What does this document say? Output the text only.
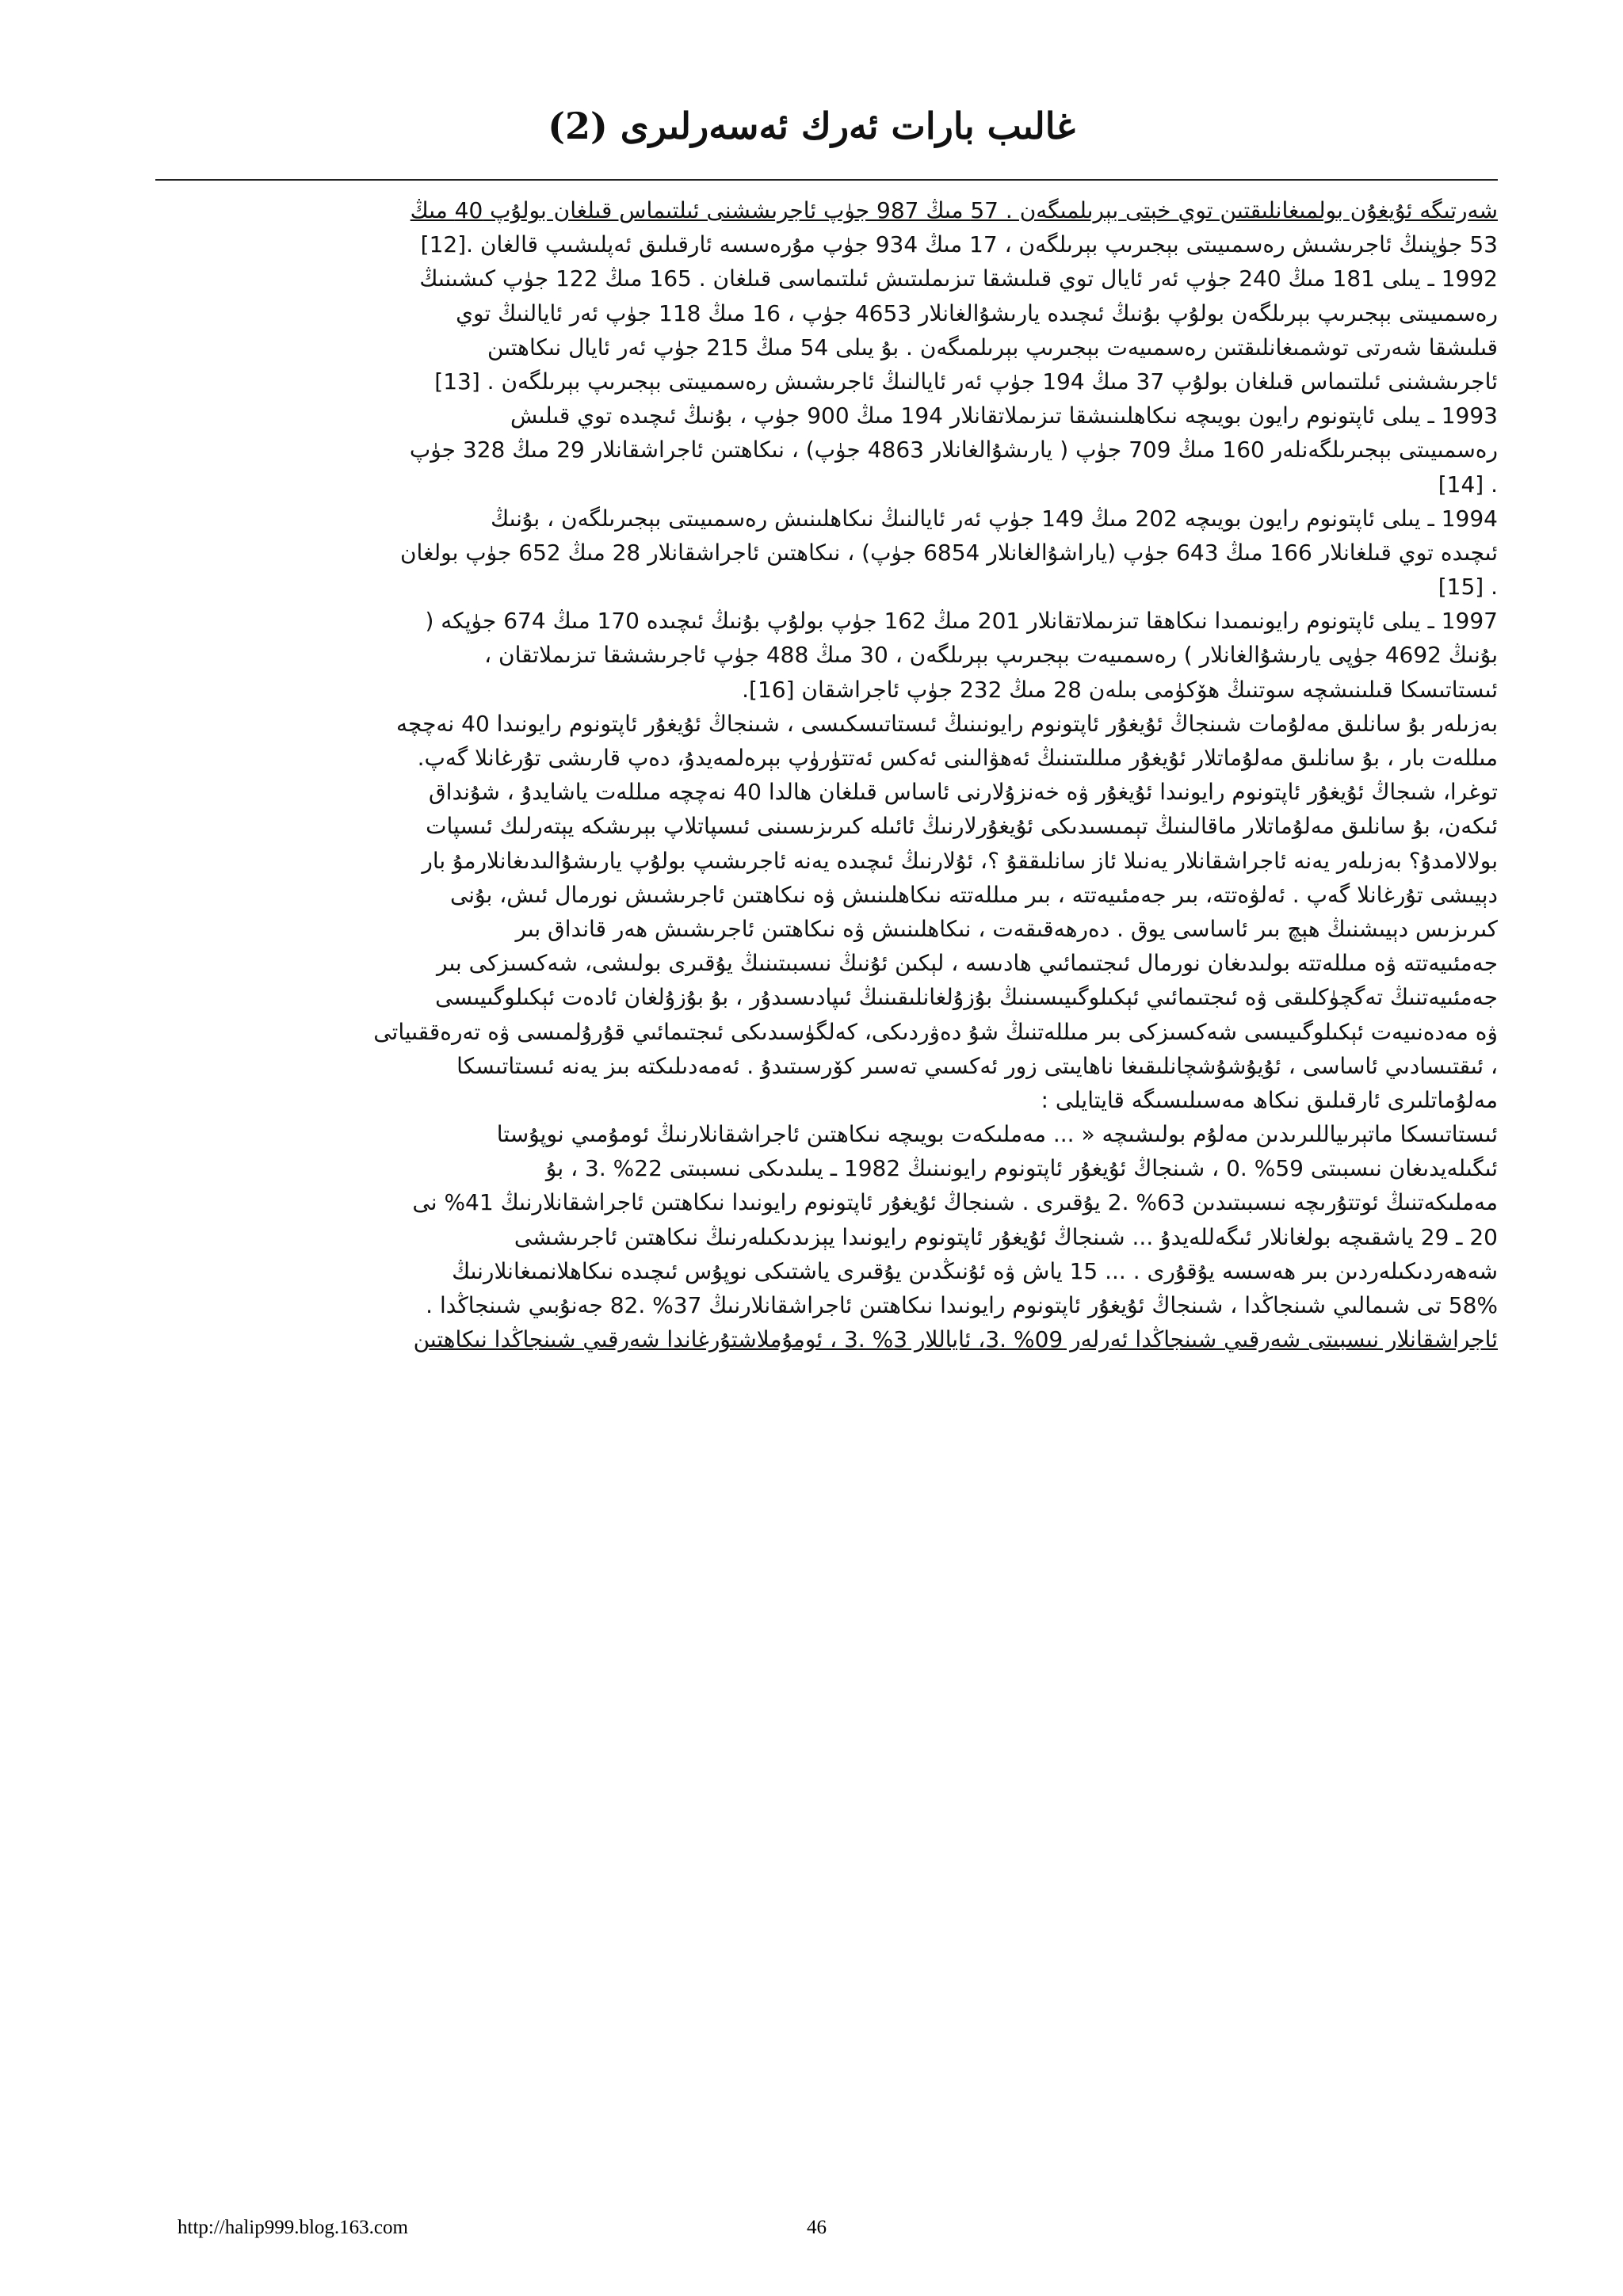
غالىب بارات ئەرك ئەسەرلىرى (2)
شەرتىگە ئۇيغۇن بولمىغانلىقتىن توي خېتى بېرىلمىگەن . 57 مىڭ 987 جۈپ ئاجرىششنى ئىلتىماس قىلغان بولۇپ 40 مىڭ
53 جۈپنىڭ ئاجرىشىش رەسمىيىتى بېجىرىپ بېرىلگەن ، 17 مىڭ 934 جۈپ مۇرەسسە ئارقىلىق ئەپلىشىپ قالغان .[12]
1992 ـ يىلى 181 مىڭ 240 جۈپ ئەر ئايال توي قىلىشقا تىزىملىتىش ئىلتىماسى قىلغان . 165 مىڭ 122 جۈپ كىشىنىڭ
رەسمىيىتى بېجىرىپ بېرىلگەن بولۇپ بۇنىڭ ئىچىدە يارىشۇالغانلار 4653 جۈپ ، 16 مىڭ 118 جۈپ ئەر ئايالنىڭ توي
قىلىشقا شەرتى توشمىغانلىقتىن رەسمىيەت بېجىرىپ بېرىلمىگەن . بۇ يىلى 54 مىڭ 215 جۈپ ئەر ئايال نىكاھتىن
ئاجرىششنى ئىلتىماس قىلغان بولۇپ 37 مىڭ 194 جۈپ ئەر ئايالنىڭ ئاجرىشىش رەسمىيىتى بېجىرىپ بېرىلگەن . [13]
1993 ـ يىلى ئاپتونوم رايون بويىچە نىكاھلىنىشقا تىزىملاتقانلار 194 مىڭ 900 جۈپ ، بۇنىڭ ئىچىدە توي قىلىش
رەسمىيىتى بېجىرىلگەنلەر 160 مىڭ 709 جۈپ ( يارىشۇالغانلار 4863 جۈپ) ، نىكاھتىن ئاجراشقانلار 29 مىڭ 328 جۈپ
. [14]
1994 ـ يىلى ئاپتونوم رايون بويىچە 202 مىڭ 149 جۈپ ئەر ئايالنىڭ نىكاھلىنىش رەسمىيىتى بېجىرىلگەن ، بۇنىڭ
ئىچىدە توي قىلغانلار 166 مىڭ 643 جۈپ (ياراشۇالغانلار 6854 جۈپ) ، نىكاھتىن ئاجراشقانلار 28 مىڭ 652 جۈپ بولغان
. [15]
1997 ـ يىلى ئاپتونوم رايونىمىدا نىكاھقا تىزىملاتقانلار 201 مىڭ 162 جۈپ بولۇپ بۇنىڭ ئىچىدە 170 مىڭ 674 جۈپكە (
بۇنىڭ 4692 جۈپى يارىشۇالغانلار ) رەسمىيەت بېجىرىپ بېرىلگەن ، 30 مىڭ 488 جۈپ ئاجرىششقا تىزىملاتقان ،
ئىستاتىسكا قىلىنىشچە سوتنىڭ ھۆكۈمى بىلەن 28 مىڭ 232 جۈپ ئاجراشقان [16].
بەزىلەر بۇ سانلىق مەلۇمات شىنجاڭ ئۇيغۇر ئاپتونوم رايونىنىڭ ئىستاتىسكىسى ، شىنجاڭ ئۇيغۇر ئاپتونوم رايونىدا 40 نەچچە
مىللەت بار ، بۇ سانلىق مەلۇماتلار ئۇيغۇر مىللىتىنىڭ ئەھۋالىنى ئەكس ئەتتۈرۈپ بېرەلمەيدۇ، دەپ قارىشى تۇرغانلا گەپ.
توغرا، شىجاڭ ئۇيغۇر ئاپتونوم رايونىدا ئۇيغۇر ۋە خەنزۇلارنى ئاساس قىلغان ھالدا 40 نەچچە مىللەت ياشايدۇ ، شۇنداق
ئىكەن، بۇ سانلىق مەلۇماتلار ماقالىنىڭ تېمىسىدىكى ئۇيغۇرلارنىڭ ئائىلە كىرىزىسىنى ئىسپاتلاپ بېرىشكە يېتەرلىك ئىسپات
بولالامدۇ؟ بەزىلەر يەنە ئاجراشقانلار يەنىلا ئاز سانلىققۇ ؟، ئۇلارنىڭ ئىچىدە يەنە ئاجرىشىپ بولۇپ يارىشۇالىدىغانلارمۇ بار
دېيىشى تۇرغانلا گەپ . ئەلۋەتتە، بىر جەمئىيەتتە ، بىر مىللەتتە نىكاھلىنىش ۋە نىكاھتىن ئاجرىشىش نورمال ئىش، بۇنى
كىرىزىس دېيىشنىڭ ھېچ بىر ئاساسى يوق . دەرھەقىقەت ، نىكاھلىنىش ۋە نىكاھتىن ئاجرىشىش ھەر قانداق بىر
جەمئىيەتتە ۋە مىللەتتە بولىدىغان نورمال ئىجتىمائىي ھادىسە ، لېكىن ئۇنىڭ نىسبىتىنىڭ يۇقىرى بولىشى، شەكسىزكى بىر
جەمئىيەتنىڭ تەگچۈكلىقى ۋە ئىجتىمائىي ئېكىلوگىيىسىنىڭ بۇزۇلغانلىقىنىڭ ئىپادىسىدۇر ، بۇ بۇزۇلغان ئادەت ئېكىلوگىيىسى
ۋە مەدەنىيەت ئېكىلوگىيىسى شەكسىزكى بىر مىللەتنىڭ شۇ دەۋردىكى، كەلگۈسىدىكى ئىجتىمائىي قۇرۇلمىسى ۋە تەرەققىياتى
، ئىقتىسادىي ئاساسى ، ئۇيۇشۇشچانلىقىغا ناھايىتى زور ئەكسىي تەسىر كۆرسىتىدۇ . ئەمەدىلىكتە بىز يەنە ئىستاتىسكا
مەلۇماتلىرى ئارقىلىق نىكاھ مەسىلىسىگە قايتايلى :
ئىستاتىسكا ماتېرىياللىرىدىن مەلۇم بولىشىچە « ... مەملىكەت بويىچە نىكاھتىن ئاجراشقانلارنىڭ ئومۇمىي نوپۇستا
ئىگىلەيدىغان نىسبىتى 59% .0 ، شىنجاڭ ئۇيغۇر ئاپتونوم رايونىنىڭ 1982 ـ يىلىدىكى نىسبىتى 22% .3 ، بۇ
مەملىكەتنىڭ ئوتتۇرىچە نىسبىتىدىن 63% .2 يۇقىرى . شىنجاڭ ئۇيغۇر ئاپتونوم رايونىدا نىكاھتىن ئاجراشقانلارنىڭ 41% نى
20 ـ 29 ياشقىچە بولغانلار ئىگەللەيدۇ ... شىنجاڭ ئۇيغۇر ئاپتونوم رايونىدا يېزىدىكىلەرنىڭ نىكاھتىن ئاجرىششى
شەھەردىكىلەردىن بىر ھەسسە يۇقۇرى . ... 15 ياش ۋە ئۇنىڭدىن يۇقىرى ياشتىكى نوپۇس ئىچىدە نىكاھلانمىغانلارنىڭ
58% تى شىمالىي شىنجاڭدا ، شىنجاڭ ئۇيغۇر ئاپتونوم رايونىدا نىكاھتىن ئاجراشقانلارنىڭ 37% .82 جەنۇبىي شىنجاڭدا .
ئاجراشقانلار نىسبىتى شەرقىي شىنجاڭدا ئەرلەر 09% .3، ئاياللار 3% .3 ، ئومۇملاشتۇرغاندا شەرقىي شىنجاڭدا نىكاھتىن
http://halip999.blog.163.com	46
